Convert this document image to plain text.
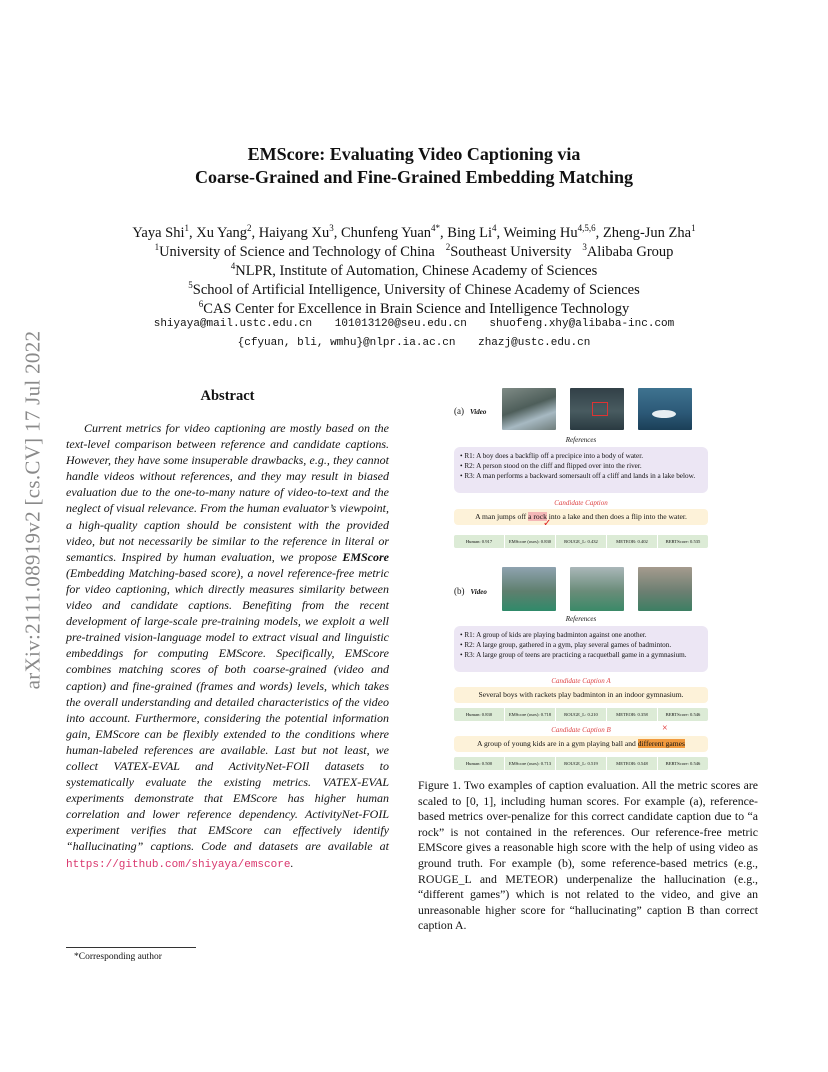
arXiv:2111.08919v2 [cs.CV] 17 Jul 2022
EMScore: Evaluating Video Captioning via
Coarse-Grained and Fine-Grained Embedding Matching
Yaya Shi$^1$, Xu Yang$^2$, Haiyang Xu$^3$, Chunfeng Yuan$^{4*}$, Bing Li$^4$, Weiming Hu$^{4,5,6}$, Zheng-Jun Zha$^1$
$^1$University of Science and Technology of China $^2$Southeast University $^3$Alibaba Group
$^4$NLPR, Institute of Automation, Chinese Academy of Sciences
$^5$School of Artificial Intelligence, University of Chinese Academy of Sciences
$^6$CAS Center for Excellence in Brain Science and Intelligence Technology
shiyaya@mail.ustc.edu.cn 101013120@seu.edu.cn shuofeng.xhy@alibaba-inc.com
{cfyuan, bli, wmhu}@nlpr.ia.ac.cn zhazj@ustc.edu.cn
Abstract

Current metrics for video captioning are mostly based on the text-level comparison between reference and candidate captions. However, they have some insuperable drawbacks, e.g., they cannot handle videos without references, and they may result in biased evaluation due to the one-to-many nature of video-to-text and the neglect of visual relevance. From the human evaluator’s viewpoint, a high-quality caption should be consistent with the provided video, but not necessarily be similar to the reference in literal or semantics. Inspired by human evaluation, we propose EMScore (Embedding Matching-based score), a novel reference-free metric for video captioning, which directly measures similarity between video and candidate captions. Benefiting from the recent development of large-scale pre-training models, we exploit a well pre-trained vision-language model to extract visual and linguistic embeddings for computing EMScore. Specifically, EMScore combines matching scores of both coarse-grained (video and caption) and fine-grained (frames and words) levels, which takes the overall understanding and detailed characteristics of the video into account. Furthermore, considering the potential information gain, EMScore can be flexibly extended to the conditions where human-labeled references are available. Last but not least, we collect VATEX-EVAL and ActivityNet-FOIl datasets to systematically evaluate the existing metrics. VATEX-EVAL experiments demonstrate that EMScore has higher human correlation and lower reference dependency. ActivityNet-FOIL experiment verifies that EMScore can effectively identify “hallucinating” captions. Code and datasets are available at https://github.com/shiyaya/emscore.

*Corresponding author
(a) Video
References
• R1: A boy does a backflip off a precipice into a body of water.
• R2: A person stood on the cliff and flipped over into the river.
• R3: A man performs a backward somersault off a cliff and lands in a lake below.
Candidate Caption
A man jumps off a rock into a lake and then does a flip into the water.
✓
Human: 0.917	EMScore (ours): 0.830	ROUGE_L: 0.432	METEOR: 0.402	BERTScore: 0.535
(b) Video
References
• R1: A group of kids are playing badminton against one another.
• R2: A large group, gathered in a gym, play several games of badminton.
• R3: A large group of teens are practicing a racquetball game in a gymnasium.
Candidate Caption A
Several boys with rackets play badminton in an indoor gymnasium.
Human: 0.830	EMScore (ours): 0.718	ROUGE_L: 0.210	METEOR: 0.358	BERTScore: 0.546
Candidate Caption B	×
A group of young kids are in a gym playing ball and different games
Human: 0.500	EMScore (ours): 0.713	ROUGE_L: 0.519	METEOR: 0.548	BERTScore: 0.546
Figure 1. Two examples of caption evaluation. All the metric scores are scaled to [0, 1], including human scores. For example (a), reference-based metrics over-penalize for this correct candidate caption due to “a rock” is not contained in the references. Our reference-free metric EMScore gives a reasonable high score with the help of using video as ground truth. For example (b), some reference-based metrics (e.g., ROUGE_L and METEOR) underpenalize the hallucination (e.g., “different games”) which is not related to the video, and give an unreasonable higher score for “hallucinating” caption B than correct caption A.
